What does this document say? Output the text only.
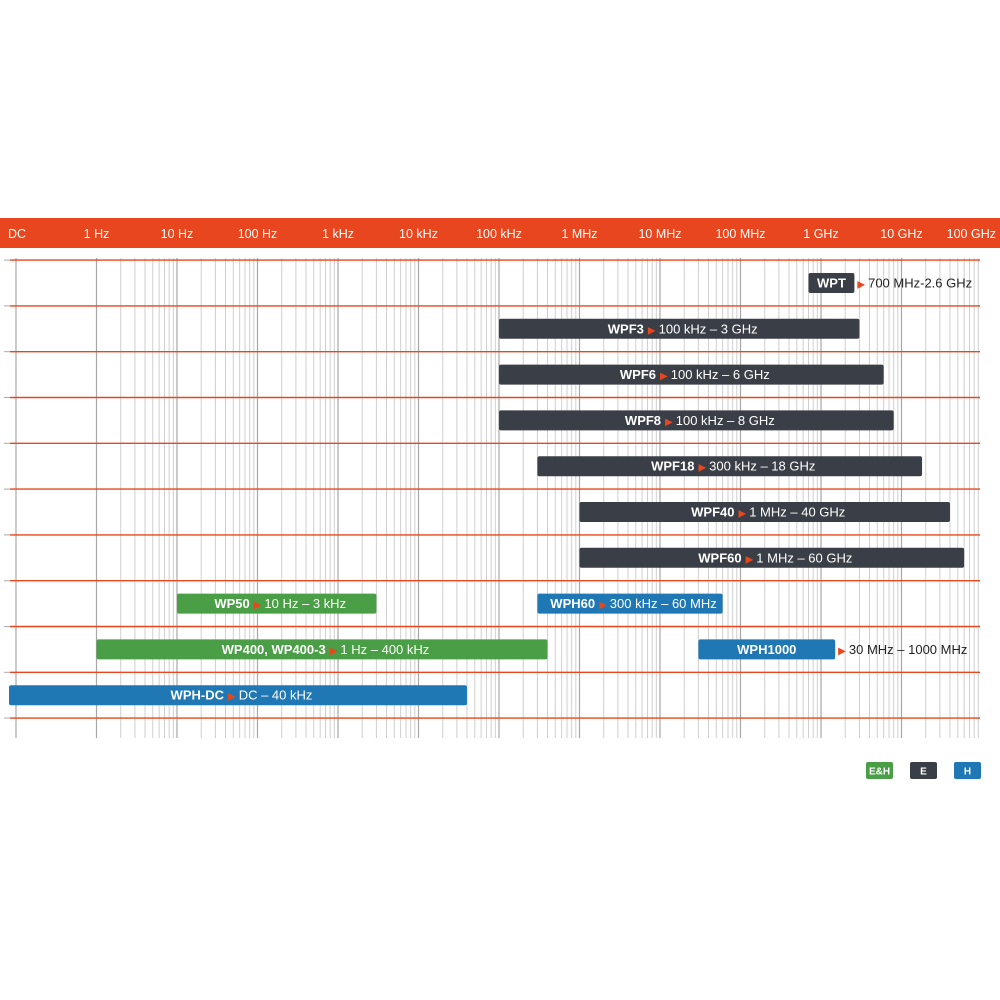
DC	1 Hz	10 Hz	100 Hz	1 kHz	10 kHz	100 kHz	1 MHz	10 MHz	100 MHz	1 GHz	10 GHz 100 GHz
WPT ▶ 700 MHz-2.6 GHz
WPF3 ▶ 100 kHz – 3 GHz
WPF6 ▶ 100 kHz – 6 GHz
WPF8 ▶ 100 kHz – 8 GHz
WPF18 ▶ 300 kHz – 18 GHz
WPF40 ▶ 1 MHz – 40 GHz
WPF60 ▶ 1 MHz – 60 GHz
WP50 ▶ 10 Hz – 3 kHz	WPH60 ▶ 300 kHz – 60 MHz
WP400, WP400-3 ▶ 1 Hz – 400 kHz	WPH1000	▶ 30 MHz – 1000 MHz
WPH-DC ▶ DC – 40 kHz
E&H	E	H
